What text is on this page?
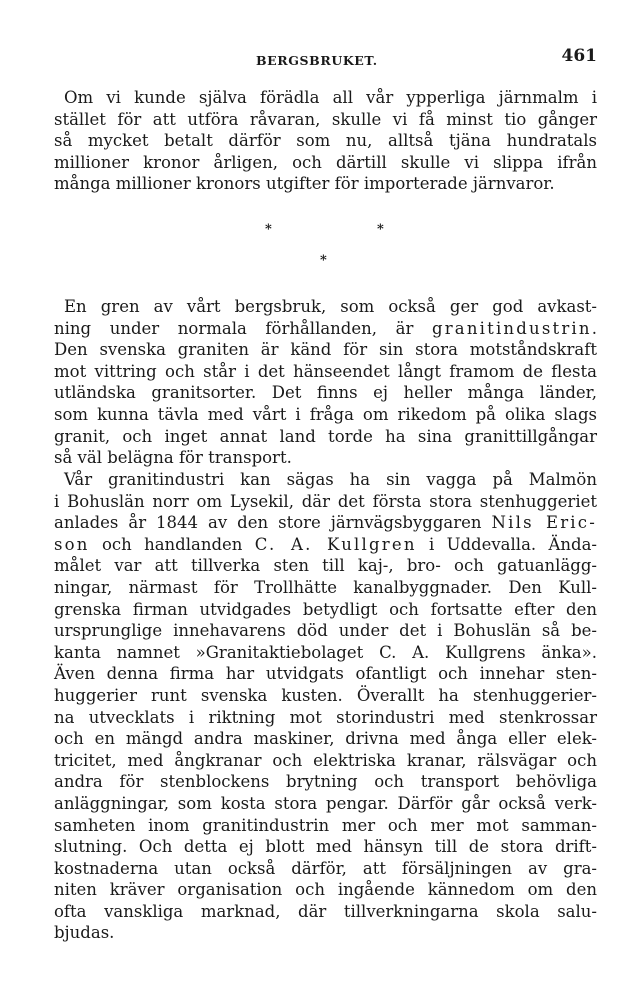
BERGSBRUKET.	461
Om vi kunde själva förädla all vår ypperliga järnmalm i
stället för att utföra råvaran, skulle vi få minst tio gånger
så mycket betalt därför som nu, alltså tjäna hundratals
millioner kronor årligen, och därtill skulle vi slippa ifrån
många millioner kronors utgifter för importerade järnvaror.
*	*
*
En gren av vårt bergsbruk, som också ger god avkast-
ning under normala förhållanden, är granitindustrin.
Den svenska graniten är känd för sin stora motståndskraft
mot vittring och står i det hänseendet långt framom de flesta
utländska granitsorter. Det finns ej heller många länder,
som kunna tävla med vårt i fråga om rikedom på olika slags
granit, och inget annat land torde ha sina granittillgångar
så väl belägna för transport.
Vår granitindustri kan sägas ha sin vagga på Malmön
i Bohuslän norr om Lysekil, där det första stora stenhuggeriet
anlades år 1844 av den store järnvägsbyggaren Nils Eric-
son och handlanden C. A. Kullgren i Uddevalla. Ända-
målet var att tillverka sten till kaj-, bro- och gatuanlägg-
ningar, närmast för Trollhätte kanalbyggnader. Den Kull-
grenska firman utvidgades betydligt och fortsatte efter den
ursprunglige innehavarens död under det i Bohuslän så be-
kanta namnet »Granitaktiebolaget C. A. Kullgrens änka».
Även denna firma har utvidgats ofantligt och innehar sten-
huggerier runt svenska kusten. Överallt ha stenhuggerier-
na utvecklats i riktning mot storindustri med stenkrossar
och en mängd andra maskiner, drivna med ånga eller elek-
tricitet, med ångkranar och elektriska kranar, rälsvägar och
andra för stenblockens brytning och transport behövliga
anläggningar, som kosta stora pengar. Därför går också verk-
samheten inom granitindustrin mer och mer mot samman-
slutning. Och detta ej blott med hänsyn till de stora drift-
kostnaderna utan också därför, att försäljningen av gra-
niten kräver organisation och ingående kännedom om den
ofta vanskliga marknad, där tillverkningarna skola salu-
bjudas.
